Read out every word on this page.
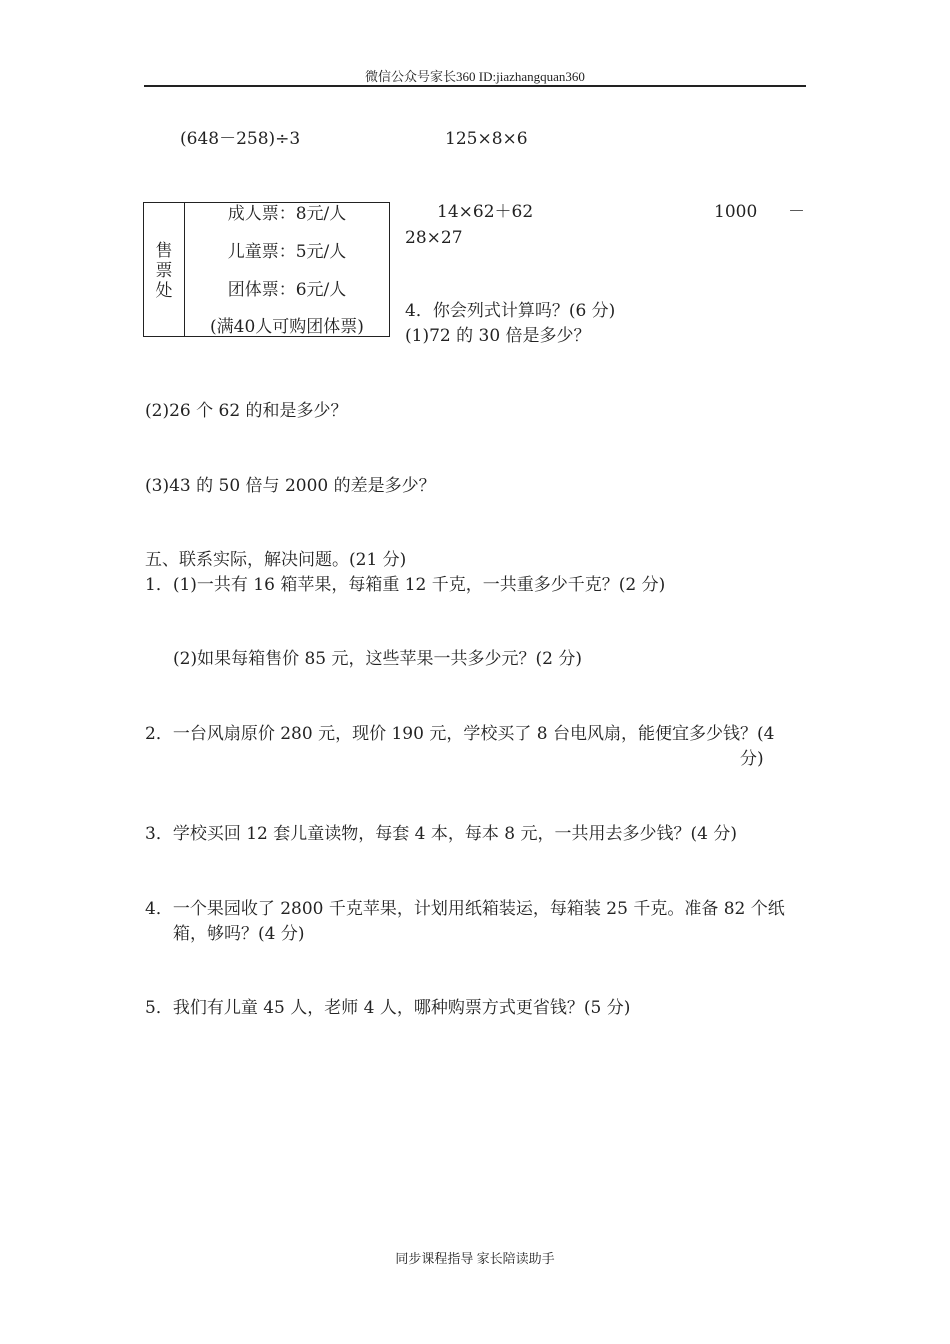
微信公众号家长360 ID:jiazhangquan360
(648－258)÷3	125×8×6
售票处
成人票：8元/人
儿童票：5元/人
团体票：6元/人
(满40人可购团体票)
14×62＋62	1000 －
28×27
4．你会列式计算吗？(6 分)
(1)72 的 30 倍是多少？
(2)26 个 62 的和是多少？
(3)43 的 50 倍与 2000 的差是多少？
五、联系实际，解决问题。(21 分)
1．(1)一共有 16 箱苹果，每箱重 12 千克，一共重多少千克？(2 分)
(2)如果每箱售价 85 元，这些苹果一共多少元？(2 分)
2．一台风扇原价 280 元，现价 190 元，学校买了 8 台电风扇，能便宜多少钱？(4
分)
3．学校买回 12 套儿童读物，每套 4 本，每本 8 元，一共用去多少钱？(4 分)
4．一个果园收了 2800 千克苹果，计划用纸箱装运，每箱装 25 千克。准备 82 个纸
箱，够吗？(4 分)
5．我们有儿童 45 人，老师 4 人，哪种购票方式更省钱？(5 分)
同步课程指导 家长陪读助手
